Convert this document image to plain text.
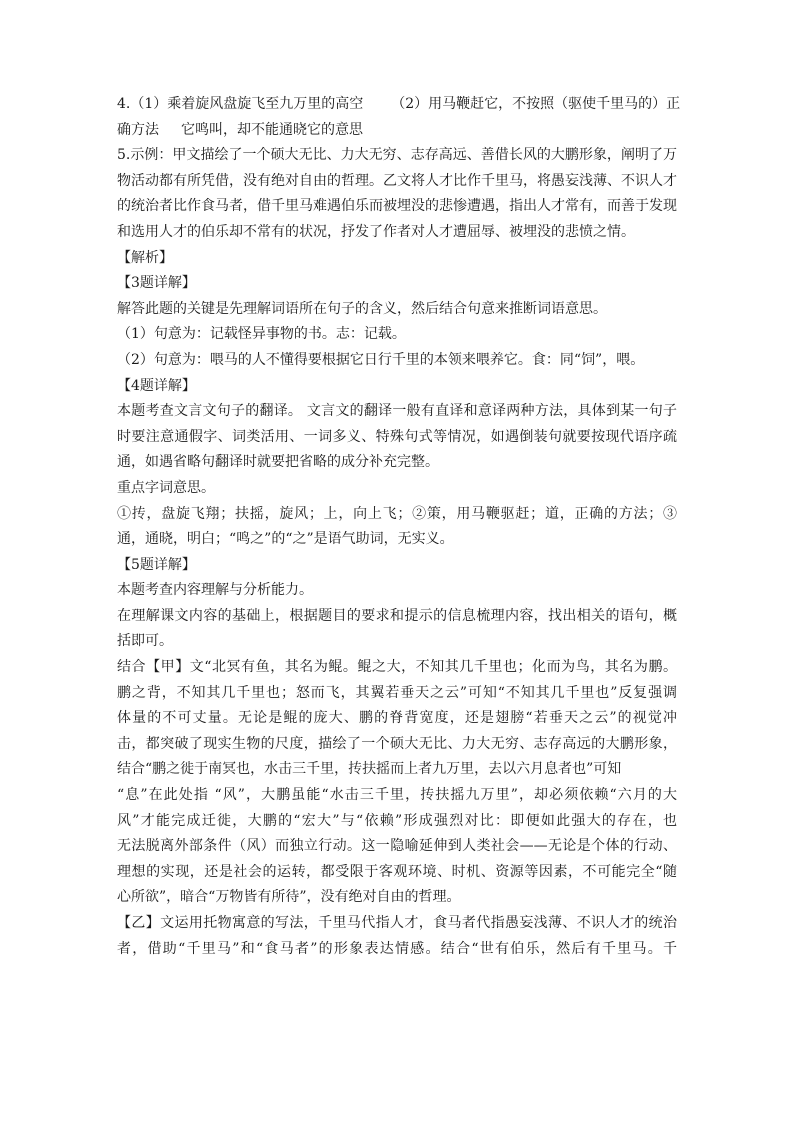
4.（1）乘着旋风盘旋飞至九万里的高空 （2）用马鞭赶它，不按照（驱使千里马的）正
确方法 它鸣叫，却不能通晓它的意思
5.示例：甲文描绘了一个硕大无比、力大无穷、志存高远、善借长风的大鹏形象，阐明了万
物活动都有所凭借，没有绝对自由的哲理。乙文将人才比作千里马，将愚妄浅薄、不识人才
的统治者比作食马者，借千里马难遇伯乐而被埋没的悲惨遭遇，指出人才常有，而善于发现
和选用人才的伯乐却不常有的状况，抒发了作者对人才遭屈辱、被埋没的悲愤之情。
【解析】
【3题详解】
解答此题的关键是先理解词语所在句子的含义，然后结合句意来推断词语意思。
（1）句意为：记载怪异事物的书。志：记载。
（2）句意为：喂马的人不懂得要根据它日行千里的本领来喂养它。食：同“饲”，喂。
【4题详解】
本题考查文言文句子的翻译。 文言文的翻译一般有直译和意译两种方法，具体到某一句子
时要注意通假字、词类活用、一词多义、特殊句式等情况，如遇倒装句就要按现代语序疏
通，如遇省略句翻译时就要把省略的成分补充完整。
重点字词意思。
①抟，盘旋飞翔；扶摇，旋风；上，向上飞；②策，用马鞭驱赶；道，正确的方法；③
通，通晓，明白；“鸣之”的“之”是语气助词，无实义。
【5题详解】
本题考查内容理解与分析能力。
在理解课文内容的基础上，根据题目的要求和提示的信息梳理内容，找出相关的语句，概
括即可。
结合【甲】文“北冥有鱼，其名为鲲。鲲之大，不知其几千里也；化而为鸟，其名为鹏。
鹏之背，不知其几千里也；怒而飞，其翼若垂天之云”可知“不知其几千里也”反复强调
体量的不可丈量。无论是鲲的庞大、鹏的脊背宽度，还是翅膀“若垂天之云”的视觉冲
击，都突破了现实生物的尺度，描绘了一个硕大无比、力大无穷、志存高远的大鹏形象，
结合“鹏之徙于南冥也，水击三千里，抟扶摇而上者九万里，去以六月息者也”可知
“息”在此处指 “风”，大鹏虽能“水击三千里，抟扶摇九万里”，却必须依赖“六月的大
风”才能完成迁徙，大鹏的“宏大”与“依赖”形成强烈对比：即便如此强大的存在，也
无法脱离外部条件（风）而独立行动。这一隐喻延伸到人类社会——无论是个体的行动、
理想的实现，还是社会的运转，都受限于客观环境、时机、资源等因素，不可能完全“随
心所欲”，暗合“万物皆有所待”，没有绝对自由的哲理。
【乙】文运用托物寓意的写法，千里马代指人才，食马者代指愚妄浅薄、不识人才的统治
者，借助“千里马”和“食马者”的形象表达情感。结合“世有伯乐，然后有千里马。千
